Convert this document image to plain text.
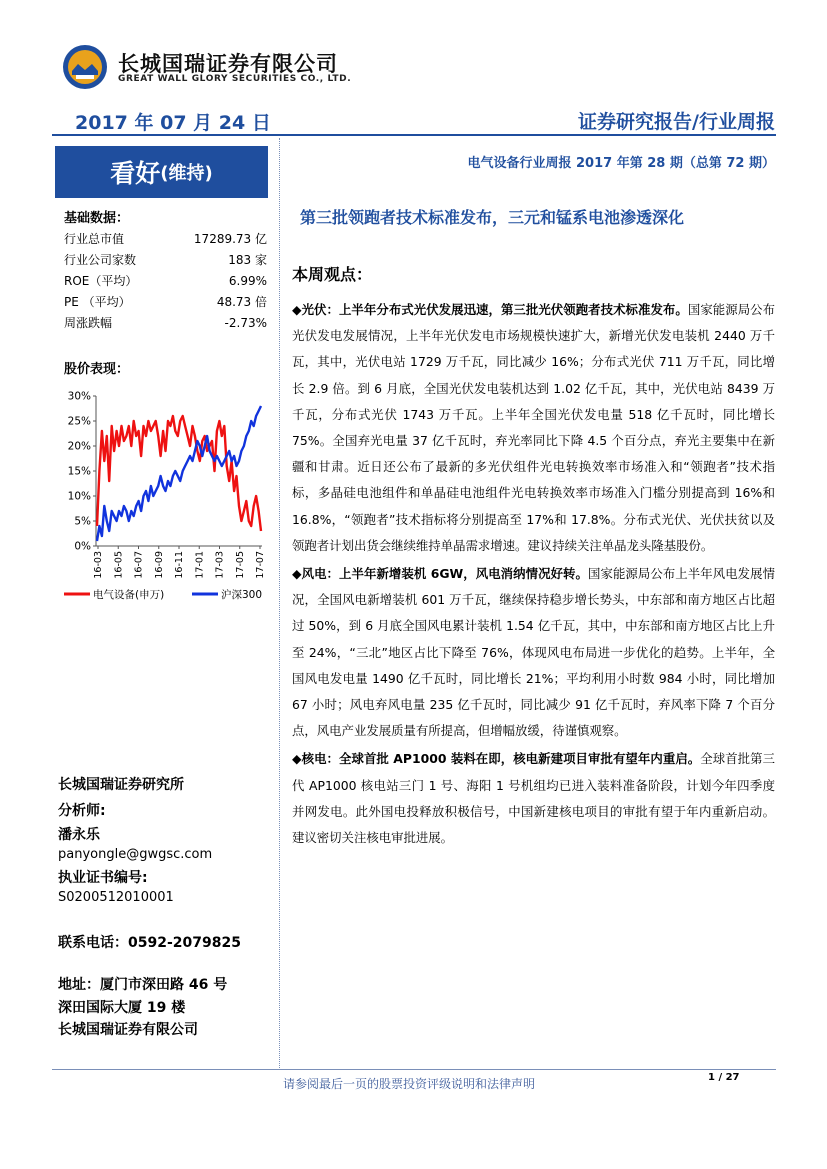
长城国瑞证券有限公司
GREAT WALL GLORY SECURITIES CO., LTD.
2017 年 07 月 24 日	证券研究报告/行业周报
看好 (维持)
基础数据：
行业总市值	17289.73 亿
行业公司家数	183 家
ROE（平均）	6.99%
PE （平均）	48.73 倍
周涨跌幅	-2.73%
股价表现：
0%
5%
10%
15%
20%
25%
30%
16-03 16-05 16-07 16-09 16-11 17-01 17-03 17-05 17-07
电气设备(申万)	沪深300
长城国瑞证券研究所
分析师:
潘永乐
panyongle@gwgsc.com
执业证书编号:
S0200512010001
联系电话：0592-2079825
地址：厦门市深田路 46 号
深田国际大厦 19 楼
长城国瑞证券有限公司
电气设备行业周报 2017 年第 28 期（总第 72 期）
第三批领跑者技术标准发布，三元和锰系电池渗透深化
本周观点：

◆光伏：上半年分布式光伏发展迅速，第三批光伏领跑者技术标准发布。国家能源局公布光伏发电发展情况，上半年光伏发电市场规模快速扩大，新增光伏发电装机 2440 万千瓦，其中，光伏电站 1729 万千瓦，同比减少 16%；分布式光伏 711 万千瓦，同比增长 2.9 倍。到 6 月底，全国光伏发电装机达到 1.02 亿千瓦，其中，光伏电站 8439 万千瓦，分布式光伏 1743 万千瓦。上半年全国光伏发电量 518 亿千瓦时，同比增长 75%。全国弃光电量 37 亿千瓦时，弃光率同比下降 4.5 个百分点，弃光主要集中在新疆和甘肃。近日还公布了最新的多光伏组件光电转换效率市场准入和“领跑者”技术指标，多晶硅电池组件和单晶硅电池组件光电转换效率市场准入门槛分别提高到 16%和 16.8%，“领跑者”技术指标将分别提高至 17%和 17.8%。分布式光伏、光伏扶贫以及领跑者计划出货会继续维持单晶需求增速。建议持续关注单晶龙头隆基股份。

◆风电：上半年新增装机 6GW，风电消纳情况好转。国家能源局公布上半年风电发展情况，全国风电新增装机 601 万千瓦，继续保持稳步增长势头，中东部和南方地区占比超过 50%，到 6 月底全国风电累计装机 1.54 亿千瓦，其中，中东部和南方地区占比上升至 24%，“三北”地区占比下降至 76%，体现风电布局进一步优化的趋势。上半年，全国风电发电量 1490 亿千瓦时，同比增长 21%；平均利用小时数 984 小时，同比增加 67 小时；风电弃风电量 235 亿千瓦时，同比减少 91 亿千瓦时，弃风率下降 7 个百分点，风电产业发展质量有所提高，但增幅放缓，待谨慎观察。

◆核电：全球首批 AP1000 装料在即，核电新建项目审批有望年内重启。全球首批第三代 AP1000 核电站三门 1 号、海阳 1 号机组均已进入装料准备阶段，计划今年四季度并网发电。此外国电投释放积极信号，中国新建核电项目的审批有望于年内重新启动。建议密切关注核电审批进展。

请参阅最后一页的股票投资评级说明和法律声明	1 / 27
